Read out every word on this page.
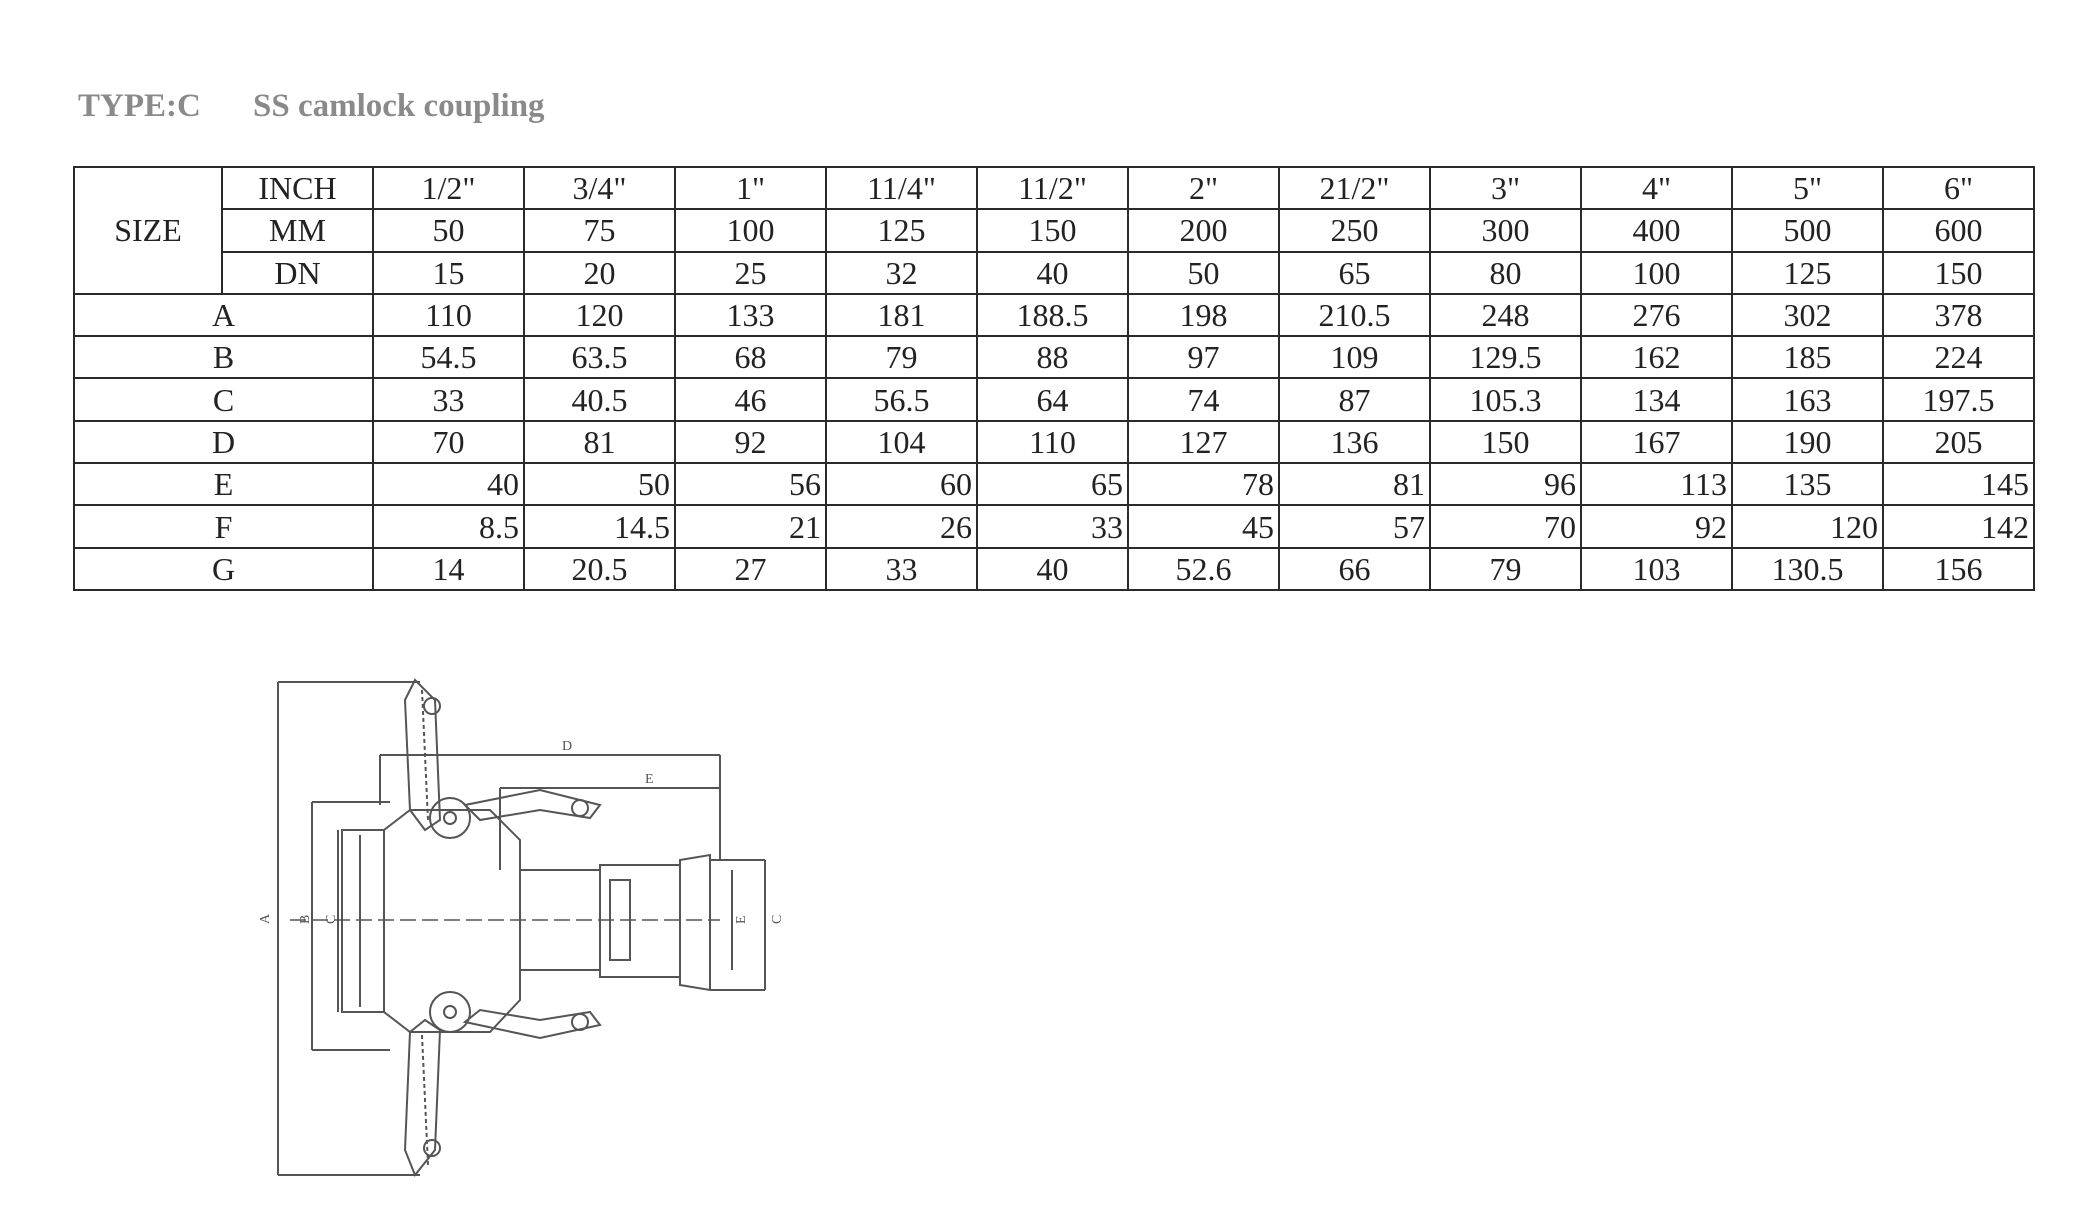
TYPE:C SS camlock coupling
SIZE	INCH	1/2"	3/4"	1"	11/4"	11/2"	2"	21/2"	3"	4"	5"	6"
	MM	50	75	100	125	150	200	250	300	400	500	600
	DN	15	20	25	32	40	50	65	80	100	125	150
A		110	120	133	181	188.5	198	210.5	248	276	302	378
B		54.5	63.5	68	79	88	97	109	129.5	162	185	224
C		33	40.5	46	56.5	64	74	87	105.3	134	163	197.5
D		70	81	92	104	110	127	136	150	167	190	205
E		40	50	56	60	65	78	81	96	113	135	145
F		8.5	14.5	21	26	33	45	57	70	92	120	142
G		14	20.5	27	33	40	52.6	66	79	103	130.5	156
A B C
D
E
E C
